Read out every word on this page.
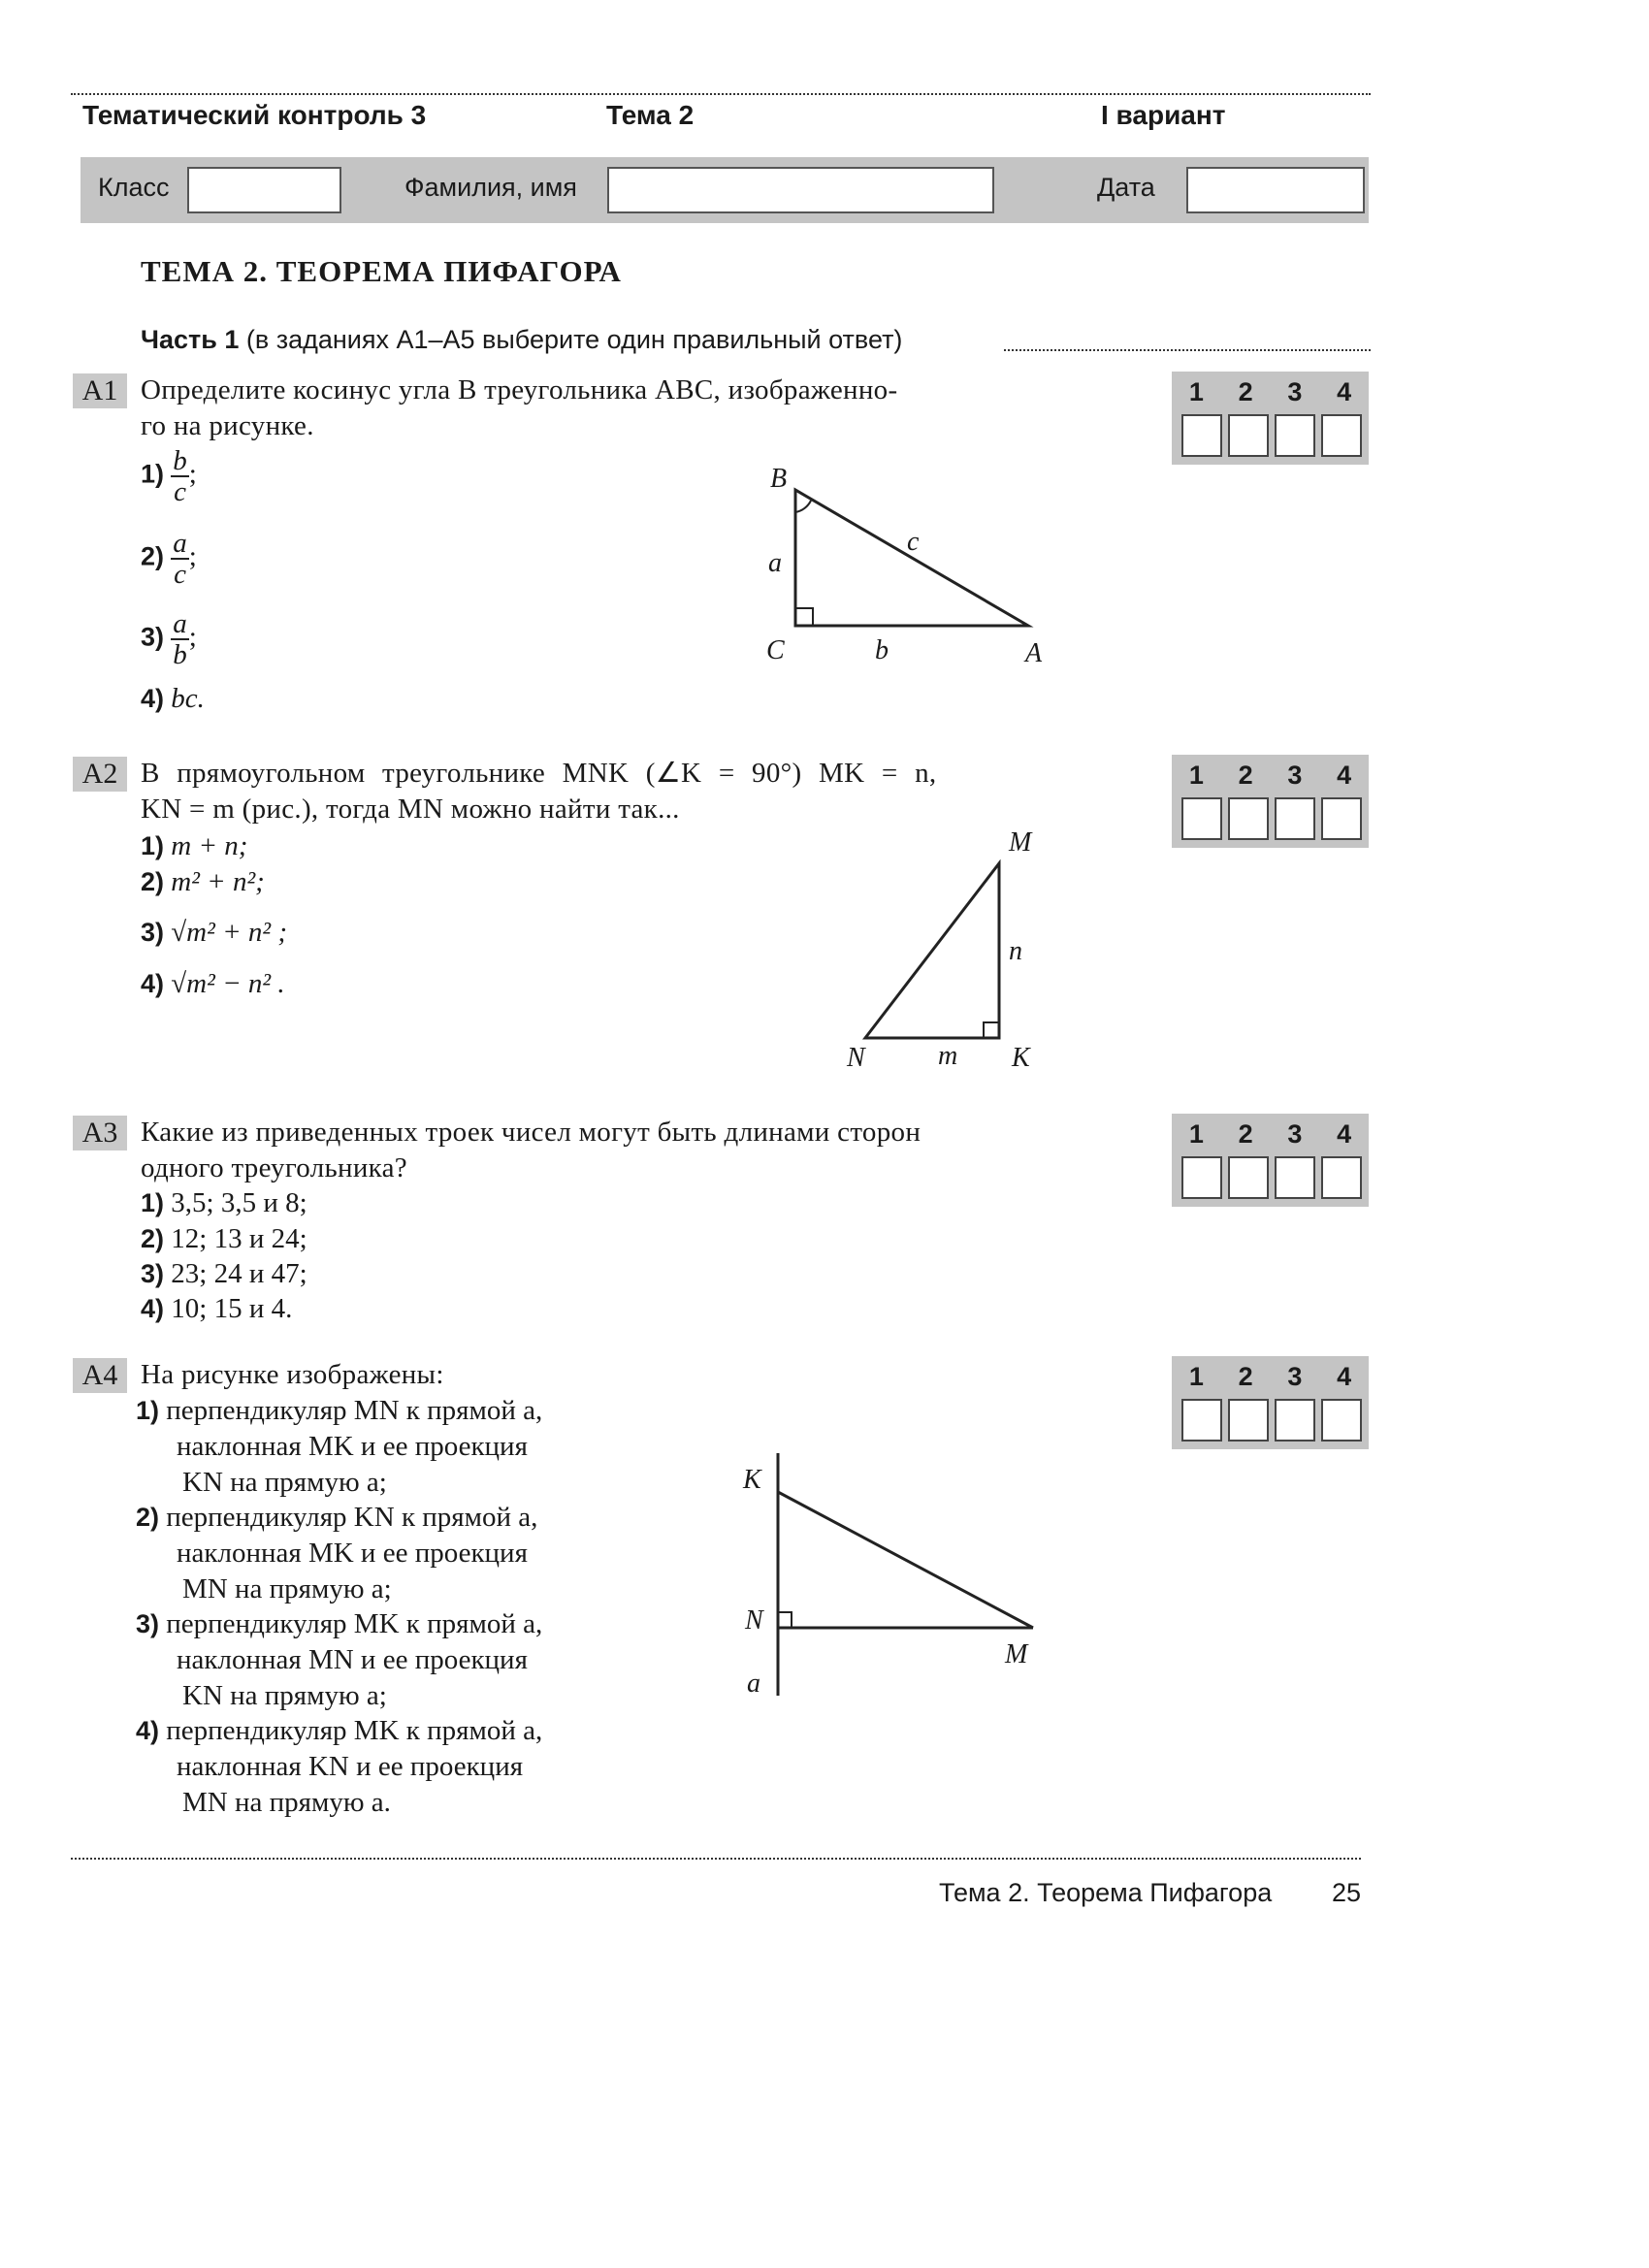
Тематический контроль 3	Тема 2	I вариант
Класс	Фамилия, имя	Дата
ТЕМА 2. ТЕОРЕМА ПИФАГОРА
Часть 1 (в заданиях А1–А5 выберите один правильный ответ)
А1 Определите косинус угла B треугольника ABC, изображенно-
го на рисунке.
$1) \frac{b}{c}$ ;
$2) \frac{a}{c}$ ;
$3) \frac{a}{b}$ ;
4) bc.
B
C	A
a
b
c
1 2 3 4
А2 В прямоугольном треугольнике MNK (∠K = 90°) MK = n,
KN = m (рис.), тогда MN можно найти так...
1) m + n;
2) m² + n²;
3) √m² + n² ;
4) √m² − n² .
M
n
N	m K
1 2 3 4
А3 Какие из приведенных троек чисел могут быть длинами сторон
одного треугольника?
1) 3,5; 3,5 и 8;
2) 12; 13 и 24;
3) 23; 24 и 47;
4) 10; 15 и 4.
1 2 3 4
А4 На рисунке изображены:
1) перпендикуляр MN к прямой a,
наклонная MK и ее проекция
KN на прямую a;
2) перпендикуляр KN к прямой a,
наклонная MK и ее проекция
MN на прямую a;
3) перпендикуляр MK к прямой a,
наклонная MN и ее проекция
KN на прямую a;
4) перпендикуляр MK к прямой a,
наклонная KN и ее проекция
MN на прямую a.
K
N
M
a
1 2 3 4
Тема 2. Теорема Пифагора 25
